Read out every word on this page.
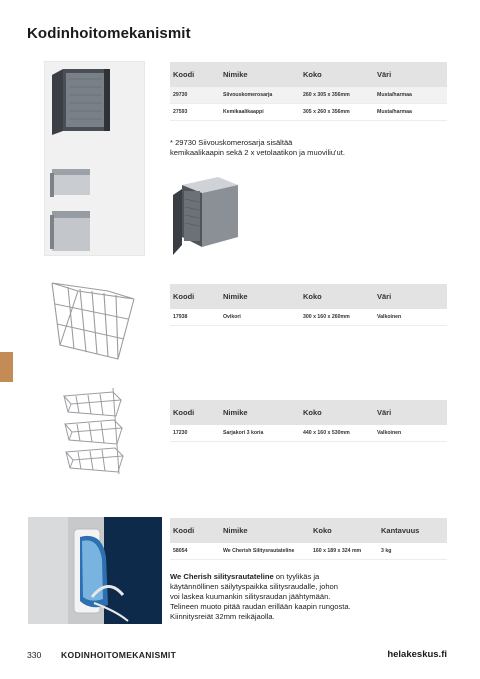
Kodinhoitomekanismit
Koodi	Nimike	Koko	Väri
29730	Siivouskomerosarja	260 x 305 x 356mm	Musta/harmaa
27593	Kemikaalikaappi	305 x 260 x 356mm	Musta/harmaa
* 29730 Siivouskomerosarja sisältää
kemikaalikaapin sekä 2 x vetolaatikon ja muoviliu'ut.
Koodi	Nimike	Koko	Väri
17938	Ovikori	300 x 160 x 260mm	Valkoinen
Koodi	Nimike	Koko	Väri
17230	Sarjakori 3 koria	440 x 160 x 530mm	Valkoinen
Koodi	Nimike	Koko	Kantavuus
58054	We Cherish Silitysrautateline	160 x 189 x 324 mm	3 kg
We Cherish silitysrautateline on tyylikäs ja
käytännöllinen säilytyspaikka silitysraudalle, johon
voi laskea kuumankin silitysraudan jäähtymään.
Telineen muoto pitää raudan erillään kaapin rungosta.
Kiinnitysreiät 32mm reikäjaolla.
330 KODINHOITOMEKANISMIT	helakeskus.fi
